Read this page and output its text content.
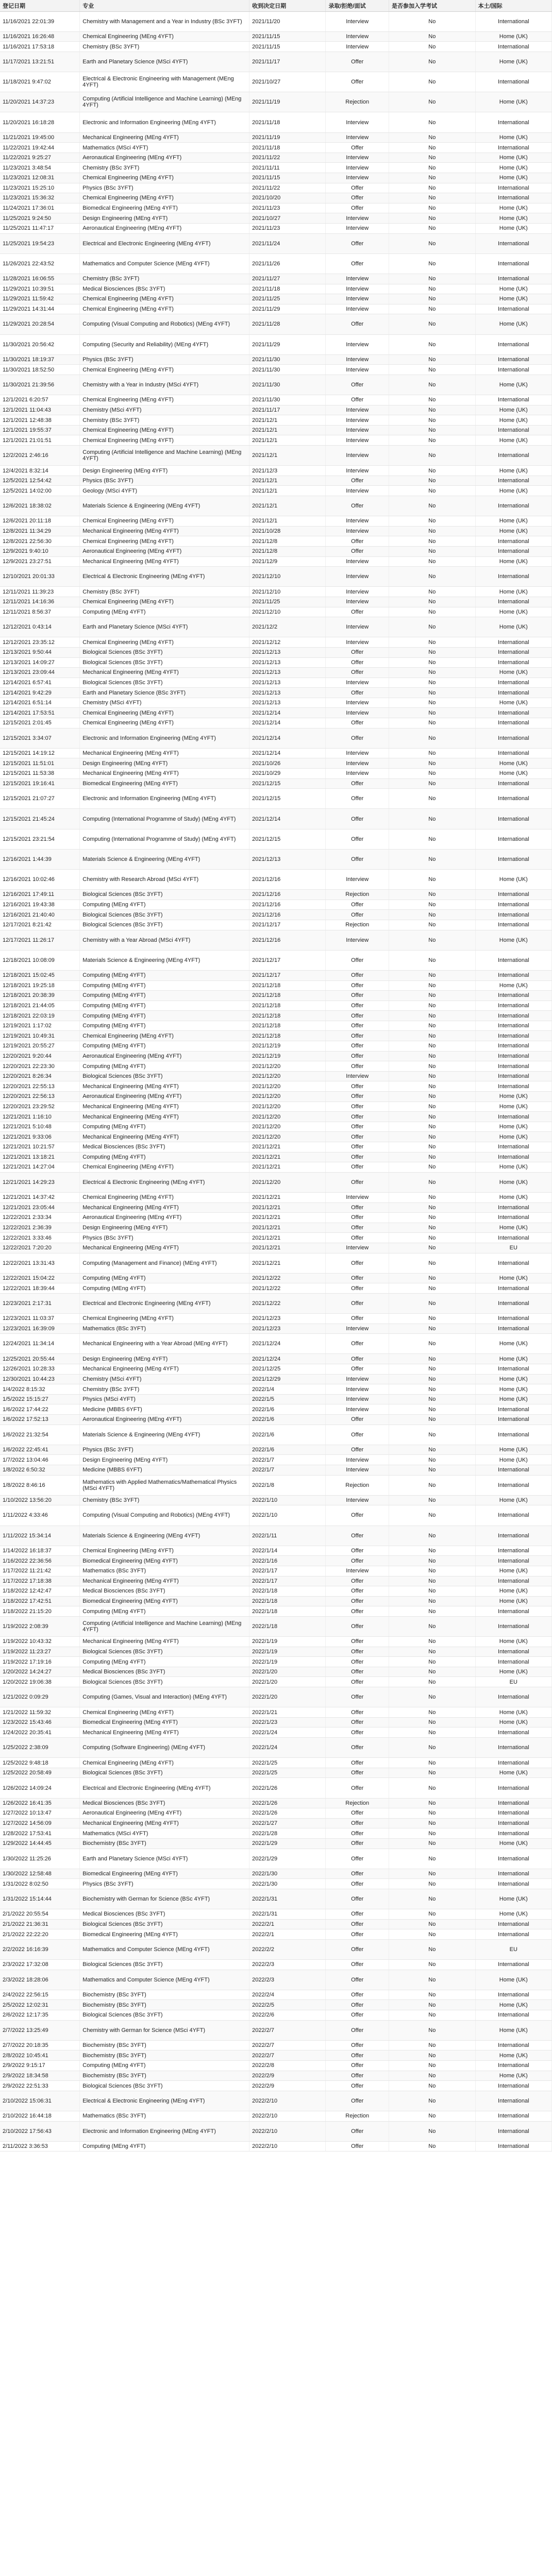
登记日期	专业	收到决定日期	录取/拒绝/面试	是否参加入学考试	本土/国际
11/16/2021 22:01:39	Chemistry with Management and a Year in Industry (BSc 3YFT)	2021/11/20	Interview	No	International
11/16/2021 16:26:48	Chemical Engineering (MEng 4YFT)	2021/11/15	Interview	No	Home (UK)
11/16/2021 17:53:18	Chemistry (BSc 3YFT)	2021/11/15	Interview	No	International
11/17/2021 13:21:51	Earth and Planetary Science (MSci 4YFT)	2021/11/17	Offer	No	Home (UK)
11/18/2021 9:47:02	Electrical & Electronic Engineering with Management (MEng 4YFT)	2021/10/27	Offer	No	International
11/20/2021 14:37:23	Computing (Artificial Intelligence and Machine Learning) (MEng 4YFT)	2021/11/19	Rejection	No	Home (UK)
11/20/2021 16:18:28	Electronic and Information Engineering (MEng 4YFT)	2021/11/18	Interview	No	International
11/21/2021 19:45:00	Mechanical Engineering (MEng 4YFT)	2021/11/19	Interview	No	Home (UK)
11/22/2021 19:42:44	Mathematics (MSci 4YFT)	2021/11/18	Offer	No	International
11/22/2021 9:25:27	Aeronautical Engineering (MEng 4YFT)	2021/11/22	Interview	No	Home (UK)
11/23/2021 3:48:54	Chemistry (BSc 3YFT)	2021/11/11	Interview	No	Home (UK)
11/23/2021 12:08:31	Chemical Engineering (MEng 4YFT)	2021/11/15	Interview	No	Home (UK)
11/23/2021 15:25:10	Physics (BSc 3YFT)	2021/11/22	Offer	No	International
11/23/2021 15:36:32	Chemical Engineering (MEng 4YFT)	2021/10/20	Offer	No	International
11/24/2021 17:36:01	Biomedical Engineering (MEng 4YFT)	2021/11/23	Offer	No	Home (UK)
11/25/2021 9:24:50	Design Engineering (MEng 4YFT)	2021/10/27	Interview	No	Home (UK)
11/25/2021 11:47:17	Aeronautical Engineering (MEng 4YFT)	2021/11/23	Interview	No	Home (UK)
11/25/2021 19:54:23	Electrical and Electronic Engineering (MEng 4YFT)	2021/11/24	Offer	No	International
11/26/2021 22:43:52	Mathematics and Computer Science (MEng 4YFT)	2021/11/26	Offer	No	International
11/28/2021 16:06:55	Chemistry (BSc 3YFT)	2021/11/27	Interview	No	International
11/29/2021 10:39:51	Medical Biosciences (BSc 3YFT)	2021/11/18	Interview	No	Home (UK)
11/29/2021 11:59:42	Chemical Engineering (MEng 4YFT)	2021/11/25	Interview	No	Home (UK)
11/29/2021 14:31:44	Chemical Engineering (MEng 4YFT)	2021/11/29	Interview	No	International
11/29/2021 20:28:54	Computing (Visual Computing and Robotics) (MEng 4YFT)	2021/11/28	Offer	No	Home (UK)
11/30/2021 20:56:42	Computing (Security and Reliability) (MEng 4YFT)	2021/11/29	Interview	No	International
11/30/2021 18:19:37	Physics (BSc 3YFT)	2021/11/30	Interview	No	International
11/30/2021 18:52:50	Chemical Engineering (MEng 4YFT)	2021/11/30	Interview	No	International
11/30/2021 21:39:56	Chemistry with a Year in Industry (MSci 4YFT)	2021/11/30	Offer	No	Home (UK)
12/1/2021 6:20:57	Chemical Engineering (MEng 4YFT)	2021/11/30	Offer	No	International
12/1/2021 11:04:43	Chemistry (MSci 4YFT)	2021/11/17	Interview	No	Home (UK)
12/1/2021 12:48:38	Chemistry (BSc 3YFT)	2021/12/1	Interview	No	Home (UK)
12/1/2021 19:55:37	Chemical Engineering (MEng 4YFT)	2021/12/1	Interview	No	International
12/1/2021 21:01:51	Chemical Engineering (MEng 4YFT)	2021/12/1	Interview	No	Home (UK)
12/2/2021 2:46:16	Computing (Artificial Intelligence and Machine Learning) (MEng 4YFT)	2021/12/1	Interview	No	International
12/4/2021 8:32:14	Design Engineering (MEng 4YFT)	2021/12/3	Interview	No	Home (UK)
12/5/2021 12:54:42	Physics (BSc 3YFT)	2021/12/1	Offer	No	International
12/5/2021 14:02:00	Geology (MSci 4YFT)	2021/12/1	Interview	No	Home (UK)
12/6/2021 18:38:02	Materials Science & Engineering (MEng 4YFT)	2021/12/1	Offer	No	International
12/6/2021 20:11:18	Chemical Engineering (MEng 4YFT)	2021/12/1	Interview	No	Home (UK)
12/8/2021 11:34:29	Mechanical Engineering (MEng 4YFT)	2021/10/28	Interview	No	Home (UK)
12/8/2021 22:56:30	Chemical Engineering (MEng 4YFT)	2021/12/8	Offer	No	International
12/9/2021 9:40:10	Aeronautical Engineering (MEng 4YFT)	2021/12/8	Offer	No	International
12/9/2021 23:27:51	Mechanical Engineering (MEng 4YFT)	2021/12/9	Interview	No	Home (UK)
12/10/2021 20:01:33	Electrical & Electronic Engineering (MEng 4YFT)	2021/12/10	Interview	No	International
12/11/2021 11:39:23	Chemistry (BSc 3YFT)	2021/12/10	Interview	No	Home (UK)
12/11/2021 14:16:36	Chemical Engineering (MEng 4YFT)	2021/11/25	Interview	No	International
12/11/2021 8:56:37	Computing (MEng 4YFT)	2021/12/10	Offer	No	Home (UK)
12/12/2021 0:43:14	Earth and Planetary Science (MSci 4YFT)	2021/12/2	Interview	No	Home (UK)
12/12/2021 23:35:12	Chemical Engineering (MEng 4YFT)	2021/12/12	Interview	No	International
12/13/2021 9:50:44	Biological Sciences (BSc 3YFT)	2021/12/13	Offer	No	International
12/13/2021 14:09:27	Biological Sciences (BSc 3YFT)	2021/12/13	Offer	No	International
12/13/2021 23:09:44	Mechanical Engineering (MEng 4YFT)	2021/12/13	Offer	No	Home (UK)
12/14/2021 6:57:41	Biological Sciences (BSc 3YFT)	2021/12/13	Interview	No	International
12/14/2021 9:42:29	Earth and Planetary Science (BSc 3YFT)	2021/12/13	Offer	No	International
12/14/2021 6:51:14	Chemistry (MSci 4YFT)	2021/12/13	Interview	No	Home (UK)
12/14/2021 17:53:51	Chemical Engineering (MEng 4YFT)	2021/12/14	Interview	No	International
12/15/2021 2:01:45	Chemical Engineering (MEng 4YFT)	2021/12/14	Offer	No	International
12/15/2021 3:34:07	Electronic and Information Engineering (MEng 4YFT)	2021/12/14	Offer	No	International
12/15/2021 14:19:12	Mechanical Engineering (MEng 4YFT)	2021/12/14	Interview	No	International
12/15/2021 11:51:01	Design Engineering (MEng 4YFT)	2021/10/26	Interview	No	Home (UK)
12/15/2021 11:53:38	Mechanical Engineering (MEng 4YFT)	2021/10/29	Interview	No	Home (UK)
12/15/2021 19:16:41	Biomedical Engineering (MEng 4YFT)	2021/12/15	Offer	No	International
12/15/2021 21:07:27	Electronic and Information Engineering (MEng 4YFT)	2021/12/15	Offer	No	International
12/15/2021 21:45:24	Computing (International Programme of Study) (MEng 4YFT)	2021/12/14	Offer	No	International
12/15/2021 23:21:54	Computing (International Programme of Study) (MEng 4YFT)	2021/12/15	Offer	No	International
12/16/2021 1:44:39	Materials Science & Engineering (MEng 4YFT)	2021/12/13	Offer	No	International
12/16/2021 10:02:46	Chemistry with Research Abroad (MSci 4YFT)	2021/12/16	Interview	No	Home (UK)
12/16/2021 17:49:11	Biological Sciences (BSc 3YFT)	2021/12/16	Rejection	No	International
12/16/2021 19:43:38	Computing (MEng 4YFT)	2021/12/16	Offer	No	International
12/16/2021 21:40:40	Biological Sciences (BSc 3YFT)	2021/12/16	Offer	No	International
12/17/2021 8:21:42	Biological Sciences (BSc 3YFT)	2021/12/17	Rejection	No	International
12/17/2021 11:26:17	Chemistry with a Year Abroad (MSci 4YFT)	2021/12/16	Interview	No	Home (UK)
12/18/2021 10:08:09	Materials Science & Engineering (MEng 4YFT)	2021/12/17	Offer	No	International
12/18/2021 15:02:45	Computing (MEng 4YFT)	2021/12/17	Offer	No	International
12/18/2021 19:25:18	Computing (MEng 4YFT)	2021/12/18	Offer	No	Home (UK)
12/18/2021 20:38:39	Computing (MEng 4YFT)	2021/12/18	Offer	No	International
12/18/2021 21:44:05	Computing (MEng 4YFT)	2021/12/18	Offer	No	International
12/18/2021 22:03:19	Computing (MEng 4YFT)	2021/12/18	Offer	No	International
12/19/2021 1:17:02	Computing (MEng 4YFT)	2021/12/18	Offer	No	International
12/19/2021 10:49:31	Chemical Engineering (MEng 4YFT)	2021/12/18	Offer	No	International
12/19/2021 20:55:27	Computing (MEng 4YFT)	2021/12/19	Offer	No	International
12/20/2021 9:20:44	Aeronautical Engineering (MEng 4YFT)	2021/12/19	Offer	No	International
12/20/2021 22:23:30	Computing (MEng 4YFT)	2021/12/20	Offer	No	International
12/20/2021 8:26:34	Biological Sciences (BSc 3YFT)	2021/12/20	Interview	No	International
12/20/2021 22:55:13	Mechanical Engineering (MEng 4YFT)	2021/12/20	Offer	No	International
12/20/2021 22:56:13	Aeronautical Engineering (MEng 4YFT)	2021/12/20	Offer	No	Home (UK)
12/20/2021 23:29:52	Mechanical Engineering (MEng 4YFT)	2021/12/20	Offer	No	Home (UK)
12/21/2021 1:16:10	Mechanical Engineering (MEng 4YFT)	2021/12/20	Offer	No	International
12/21/2021 5:10:48	Computing (MEng 4YFT)	2021/12/20	Offer	No	Home (UK)
12/21/2021 9:33:06	Mechanical Engineering (MEng 4YFT)	2021/12/20	Offer	No	Home (UK)
12/21/2021 10:21:57	Medical Biosciences (BSc 3YFT)	2021/12/21	Offer	No	International
12/21/2021 13:18:21	Computing (MEng 4YFT)	2021/12/21	Offer	No	International
12/21/2021 14:27:04	Chemical Engineering (MEng 4YFT)	2021/12/21	Offer	No	Home (UK)
12/21/2021 14:29:23	Electrical & Electronic Engineering (MEng 4YFT)	2021/12/20	Offer	No	Home (UK)
12/21/2021 14:37:42	Chemical Engineering (MEng 4YFT)	2021/12/21	Interview	No	Home (UK)
12/21/2021 23:05:44	Mechanical Engineering (MEng 4YFT)	2021/12/21	Offer	No	International
12/22/2021 2:33:34	Aeronautical Engineering (MEng 4YFT)	2021/12/21	Offer	No	International
12/22/2021 2:36:39	Design Engineering (MEng 4YFT)	2021/12/21	Offer	No	Home (UK)
12/22/2021 3:33:46	Physics (BSc 3YFT)	2021/12/21	Offer	No	International
12/22/2021 7:20:20	Mechanical Engineering (MEng 4YFT)	2021/12/21	Interview	No	EU
12/22/2021 13:31:43	Computing (Management and Finance) (MEng 4YFT)	2021/12/21	Offer	No	International
12/22/2021 15:04:22	Computing (MEng 4YFT)	2021/12/22	Offer	No	Home (UK)
12/22/2021 18:39:44	Computing (MEng 4YFT)	2021/12/22	Offer	No	International
12/23/2021 2:17:31	Electrical and Electronic Engineering (MEng 4YFT)	2021/12/22	Offer	No	International
12/23/2021 11:03:37	Chemical Engineering (MEng 4YFT)	2021/12/23	Offer	No	International
12/23/2021 16:39:09	Mathematics (BSc 3YFT)	2021/12/23	Interview	No	International
12/24/2021 11:34:14	Mechanical Engineering with a Year Abroad (MEng 4YFT)	2021/12/24	Offer	No	Home (UK)
12/25/2021 20:55:44	Design Engineering (MEng 4YFT)	2021/12/24	Offer	No	Home (UK)
12/26/2021 10:28:33	Mechanical Engineering (MEng 4YFT)	2021/12/25	Offer	No	International
12/30/2021 10:44:23	Chemistry (MSci 4YFT)	2021/12/29	Interview	No	Home (UK)
1/4/2022 8:15:32	Chemistry (BSc 3YFT)	2022/1/4	Interview	No	Home (UK)
1/5/2022 15:15:27	Physics (MSci 4YFT)	2022/1/5	Interview	No	Home (UK)
1/6/2022 17:44:22	Medicine (MBBS 6YFT)	2022/1/6	Interview	No	International
1/6/2022 17:52:13	Aeronautical Engineering (MEng 4YFT)	2022/1/6	Offer	No	International
1/6/2022 21:32:54	Materials Science & Engineering (MEng 4YFT)	2022/1/6	Offer	No	International
1/6/2022 22:45:41	Physics (BSc 3YFT)	2022/1/6	Offer	No	Home (UK)
1/7/2022 13:04:46	Design Engineering (MEng 4YFT)	2022/1/7	Interview	No	Home (UK)
1/8/2022 6:50:32	Medicine (MBBS 6YFT)	2022/1/7	Interview	No	International
1/8/2022 8:46:16	Mathematics with Applied Mathematics/Mathematical Physics (MSci 4YFT)	2022/1/8	Rejection	No	International
1/10/2022 13:56:20	Chemistry (BSc 3YFT)	2022/1/10	Interview	No	Home (UK)
1/11/2022 4:33:46	Computing (Visual Computing and Robotics) (MEng 4YFT)	2022/1/10	Offer	No	International
1/11/2022 15:34:14	Materials Science & Engineering (MEng 4YFT)	2022/1/11	Offer	No	International
1/14/2022 16:18:37	Chemical Engineering (MEng 4YFT)	2022/1/14	Offer	No	International
1/16/2022 22:36:56	Biomedical Engineering (MEng 4YFT)	2022/1/16	Offer	No	International
1/17/2022 11:21:42	Mathematics (BSc 3YFT)	2022/1/17	Interview	No	Home (UK)
1/17/2022 17:18:38	Mechanical Engineering (MEng 4YFT)	2022/1/17	Offer	No	International
1/18/2022 12:42:47	Medical Biosciences (BSc 3YFT)	2022/1/18	Offer	No	Home (UK)
1/18/2022 17:42:51	Biomedical Engineering (MEng 4YFT)	2022/1/18	Offer	No	Home (UK)
1/18/2022 21:15:20	Computing (MEng 4YFT)	2022/1/18	Offer	No	International
1/19/2022 2:08:39	Computing (Artificial Intelligence and Machine Learning) (MEng 4YFT)	2022/1/18	Offer	No	International
1/19/2022 10:43:32	Mechanical Engineering (MEng 4YFT)	2022/1/19	Offer	No	Home (UK)
1/19/2022 11:23:27	Biological Sciences (BSc 3YFT)	2022/1/19	Offer	No	International
1/19/2022 17:19:16	Computing (MEng 4YFT)	2022/1/19	Offer	No	International
1/20/2022 14:24:27	Medical Biosciences (BSc 3YFT)	2022/1/20	Offer	No	Home (UK)
1/20/2022 19:06:38	Biological Sciences (BSc 3YFT)	2022/1/20	Offer	No	EU
1/21/2022 0:09:29	Computing (Games, Visual and Interaction) (MEng 4YFT)	2022/1/20	Offer	No	International
1/21/2022 11:59:32	Chemical Engineering (MEng 4YFT)	2022/1/21	Offer	No	Home (UK)
1/23/2022 15:43:46	Biomedical Engineering (MEng 4YFT)	2022/1/23	Offer	No	Home (UK)
1/24/2022 20:35:41	Mechanical Engineering (MEng 4YFT)	2022/1/24	Offer	No	International
1/25/2022 2:38:09	Computing (Software Engineering) (MEng 4YFT)	2022/1/24	Offer	No	International
1/25/2022 9:48:18	Chemical Engineering (MEng 4YFT)	2022/1/25	Offer	No	International
1/25/2022 20:58:49	Biological Sciences (BSc 3YFT)	2022/1/25	Offer	No	Home (UK)
1/26/2022 14:09:24	Electrical and Electronic Engineering (MEng 4YFT)	2022/1/26	Offer	No	International
1/26/2022 16:41:35	Medical Biosciences (BSc 3YFT)	2022/1/26	Rejection	No	International
1/27/2022 10:13:47	Aeronautical Engineering (MEng 4YFT)	2022/1/26	Offer	No	International
1/27/2022 14:56:09	Mechanical Engineering (MEng 4YFT)	2022/1/27	Offer	No	International
1/28/2022 17:53:41	Mathematics (MSci 4YFT)	2022/1/28	Offer	No	International
1/29/2022 14:44:45	Biochemistry (BSc 3YFT)	2022/1/29	Offer	No	Home (UK)
1/30/2022 11:25:26	Earth and Planetary Science (MSci 4YFT)	2022/1/29	Offer	No	International
1/30/2022 12:58:48	Biomedical Engineering (MEng 4YFT)	2022/1/30	Offer	No	International
1/31/2022 8:02:50	Physics (BSc 3YFT)	2022/1/30	Offer	No	International
1/31/2022 15:14:44	Biochemistry with German for Science (BSc 4YFT)	2022/1/31	Offer	No	Home (UK)
2/1/2022 20:55:54	Medical Biosciences (BSc 3YFT)	2022/1/31	Offer	No	Home (UK)
2/1/2022 21:36:31	Biological Sciences (BSc 3YFT)	2022/2/1	Offer	No	International
2/1/2022 22:22:20	Biomedical Engineering (MEng 4YFT)	2022/2/1	Offer	No	International
2/2/2022 16:16:39	Mathematics and Computer Science (MEng 4YFT)	2022/2/2	Offer	No	EU
2/3/2022 17:32:08	Biological Sciences (BSc 3YFT)	2022/2/3	Offer	No	International
2/3/2022 18:28:06	Mathematics and Computer Science (MEng 4YFT)	2022/2/3	Offer	No	Home (UK)
2/4/2022 22:56:15	Biochemistry (BSc 3YFT)	2022/2/4	Offer	No	International
2/5/2022 12:02:31	Biochemistry (BSc 3YFT)	2022/2/5	Offer	No	Home (UK)
2/6/2022 12:17:35	Biological Sciences (BSc 3YFT)	2022/2/6	Offer	No	International
2/7/2022 13:25:49	Chemistry with German for Science (MSci 4YFT)	2022/2/7	Offer	No	Home (UK)
2/7/2022 20:18:35	Biochemistry (BSc 3YFT)	2022/2/7	Offer	No	International
2/8/2022 10:45:41	Biochemistry (BSc 3YFT)	2022/2/7	Offer	No	Home (UK)
2/9/2022 9:15:17	Computing (MEng 4YFT)	2022/2/8	Offer	No	International
2/9/2022 18:34:58	Biochemistry (BSc 3YFT)	2022/2/9	Offer	No	Home (UK)
2/9/2022 22:51:33	Biological Sciences (BSc 3YFT)	2022/2/9	Offer	No	International
2/10/2022 15:06:31	Electrical & Electronic Engineering (MEng 4YFT)	2022/2/10	Offer	No	International
2/10/2022 16:44:18	Mathematics (BSc 3YFT)	2022/2/10	Rejection	No	International
2/10/2022 17:56:43	Electronic and Information Engineering (MEng 4YFT)	2022/2/10	Offer	No	International
2/11/2022 3:36:53	Computing (MEng 4YFT)	2022/2/10	Offer	No	International
